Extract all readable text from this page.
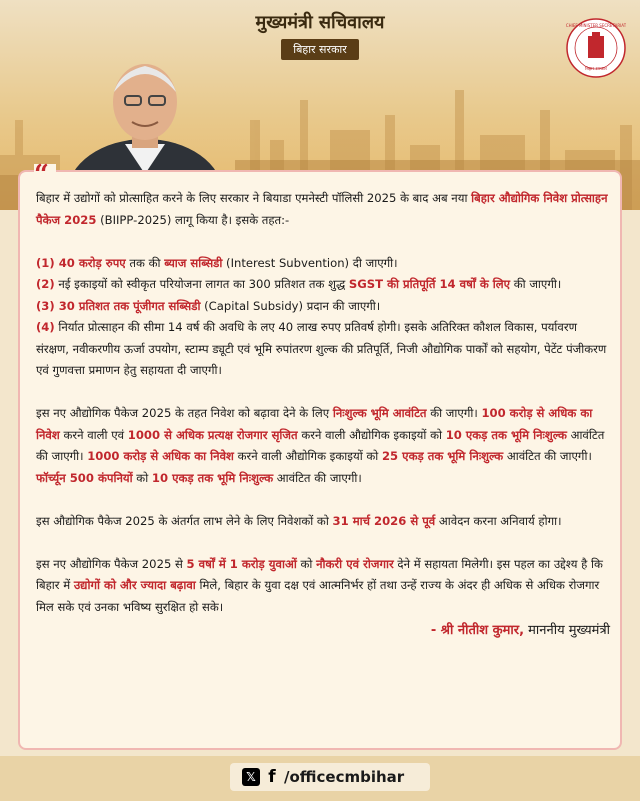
मुख्यमंत्री सचिवालय
बिहार सरकार
CHIEF MINISTER SECRETARIAT
बिहार सरकार
“

बिहार में उद्योगों को प्रोत्साहित करने के लिए सरकार ने बियाडा एमनेस्टी पॉलिसी 2025 के बाद अब नया बिहार औद्योगिक निवेश प्रोत्साहन पैकेज 2025 (BIIPP-2025) लागू किया है। इसके तहत:-

(1) 40 करोड़ रुपए तक की ब्याज सब्सिडी (Interest Subvention) दी जाएगी।

(2) नई इकाइयों को स्वीकृत परियोजना लागत का 300 प्रतिशत तक शुद्ध SGST की प्रतिपूर्ति 14 वर्षों के लिए की जाएगी।

(3) 30 प्रतिशत तक पूंजीगत सब्सिडी (Capital Subsidy) प्रदान की जाएगी।

(4) निर्यात प्रोत्साहन की सीमा 14 वर्ष की अवधि के लए 40 लाख रुपए प्रतिवर्ष होगी। इसके अतिरिक्त कौशल विकास, पर्यावरण संरक्षण, नवीकरणीय ऊर्जा उपयोग, स्टाम्प ड्यूटी एवं भूमि रुपांतरण शुल्क की प्रतिपूर्ति, निजी औद्योगिक पार्कों को सहयोग, पेटेंट पंजीकरण एवं गुणवत्ता प्रमाणन हेतु सहायता दी जाएगी।

इस नए औद्योगिक पैकेज 2025 के तहत निवेश को बढ़ावा देने के लिए निःशुल्क भूमि आवंटित की जाएगी। 100 करोड़ से अधिक का निवेश करने वाली एवं 1000 से अधिक प्रत्यक्ष रोजगार सृजित करने वाली औद्योगिक इकाइयों को 10 एकड़ तक भूमि निःशुल्क आवंटित की जाएगी। 1000 करोड़ से अधिक का निवेश करने वाली औद्योगिक इकाइयों को 25 एकड़ तक भूमि निःशुल्क आवंटित की जाएगी। फॉर्च्यून 500 कंपनियों को 10 एकड़ तक भूमि निःशुल्क आवंटित की जाएगी।

इस औद्योगिक पैकेज 2025 के अंतर्गत लाभ लेने के लिए निवेशकों को 31 मार्च 2026 से पूर्व आवेदन करना अनिवार्य होगा।

इस नए औद्योगिक पैकेज 2025 से 5 वर्षों में 1 करोड़ युवाओं को नौकरी एवं रोजगार देने में सहायता मिलेगी। इस पहल का उद्देश्य है कि बिहार में उद्योगों को और ज्यादा बढ़ावा मिले, बिहार के युवा दक्ष एवं आत्मनिर्भर हों तथा उन्हें राज्य के अंदर ही अधिक से अधिक रोजगार मिल सके एवं उनका भविष्य सुरक्षित हो सके।

- श्री नीतीश कुमार, माननीय मुख्यमंत्री
𝕏 f /officecmbihar
